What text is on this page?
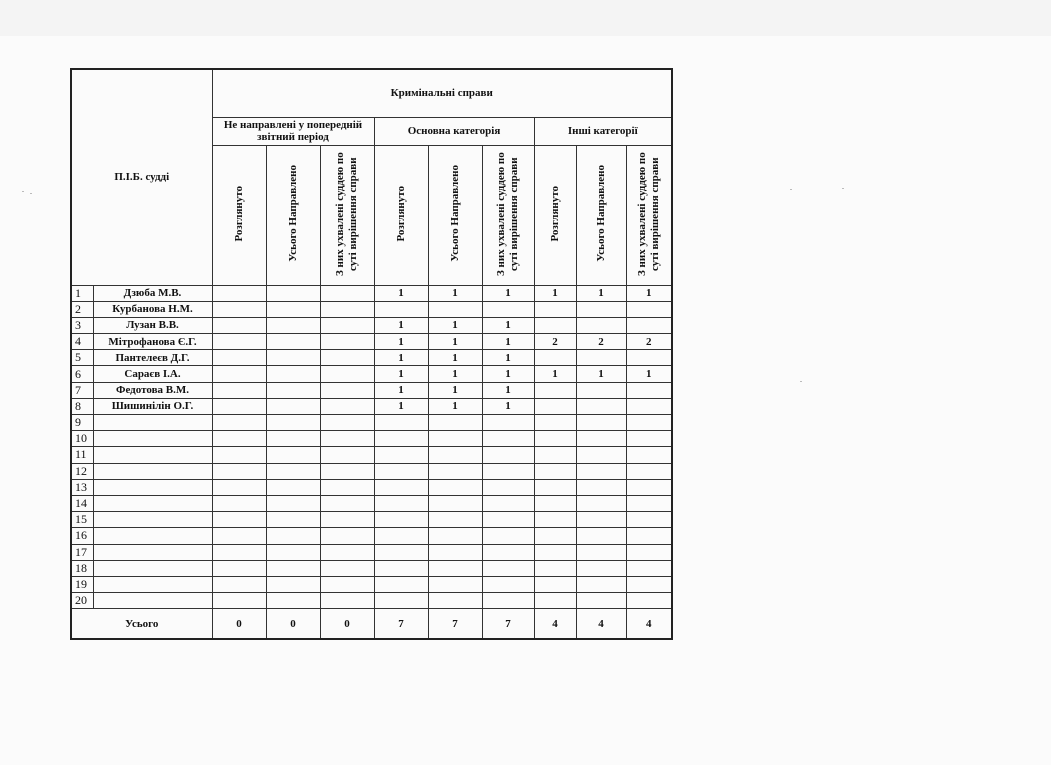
П.І.Б. судді		Кримінальні справи								
		Не направлені у попередній звітний період			Основна категорія			Інші категорії		
		Розглянуто	Усього Направлено	З них ухвалені суддею по суті вирішення справи	Розглянуто	Усього Направлено	З них ухвалені суддею по суті вирішення справи	Розглянуто	Усього Направлено	З них ухвалені суддею по суті вирішення справи
1	Дзюба М.В.				1	1	1	1	1	1
2	Курбанова Н.М.									
3	Лузан В.В.				1	1	1			
4	Мітрофанова Є.Г.				1	1	1	2	2	2
5	Пантелеєв Д.Г.				1	1	1			
6	Сараєв І.А.				1	1	1	1	1	1
7	Федотова В.М.				1	1	1			
8	Шишинілін О.Г.				1	1	1			
9										
10										
11										
12										
13										
14										
15										
16										
17										
18										
19										
20										
Усього		0	0	0	7	7	7	4	4	4
